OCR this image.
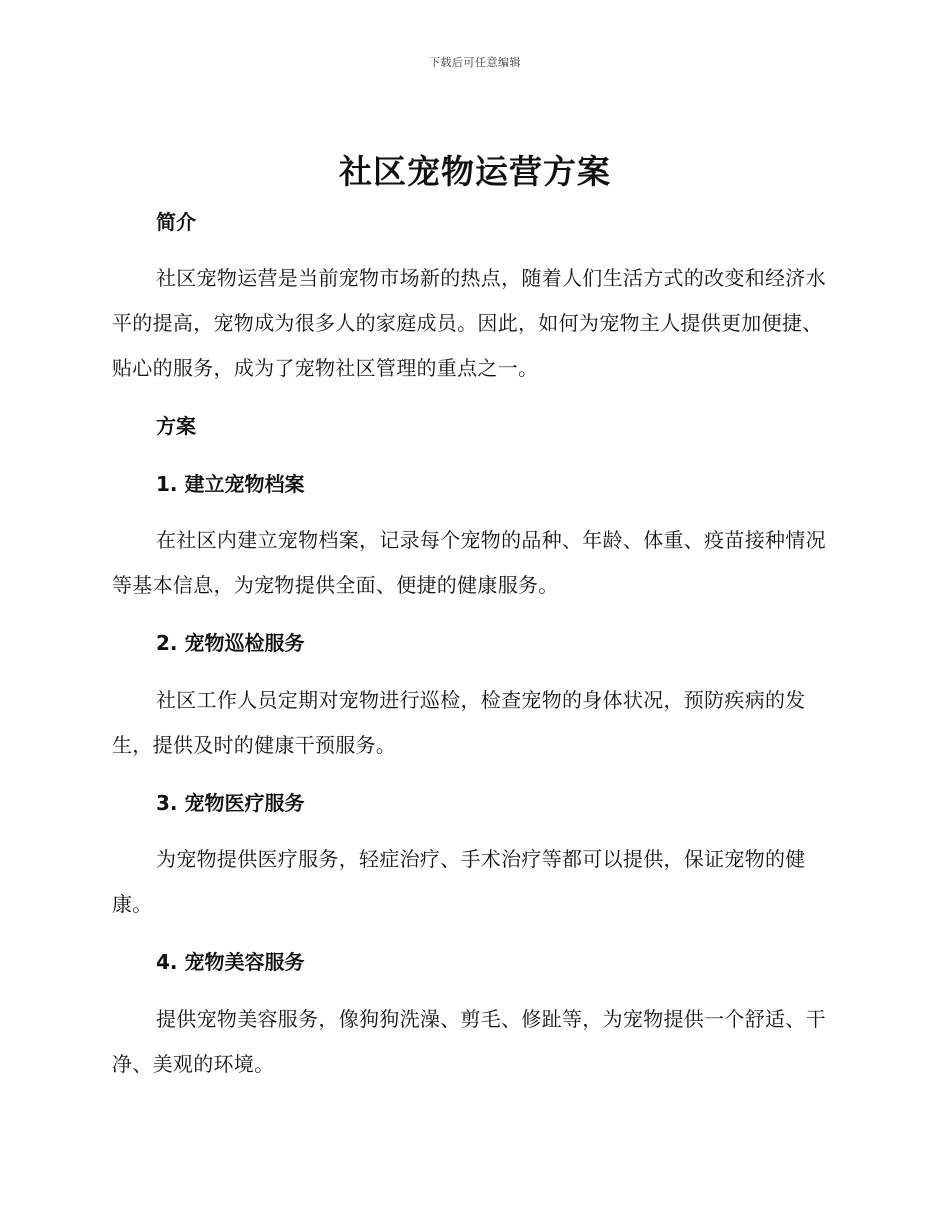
下载后可任意编辑
社区宠物运营方案
简介

社区宠物运营是当前宠物市场新的热点，随着人们生活方式的改变和经济水平的提高，宠物成为很多人的家庭成员。因此，如何为宠物主人提供更加便捷、贴心的服务，成为了宠物社区管理的重点之一。

方案
1. 建立宠物档案

在社区内建立宠物档案，记录每个宠物的品种、年龄、体重、疫苗接种情况等基本信息，为宠物提供全面、便捷的健康服务。

2. 宠物巡检服务

社区工作人员定期对宠物进行巡检，检查宠物的身体状况，预防疾病的发生，提供及时的健康干预服务。

3. 宠物医疗服务

为宠物提供医疗服务，轻症治疗、手术治疗等都可以提供，保证宠物的健康。

4. 宠物美容服务

提供宠物美容服务，像狗狗洗澡、剪毛、修趾等，为宠物提供一个舒适、干净、美观的环境。
